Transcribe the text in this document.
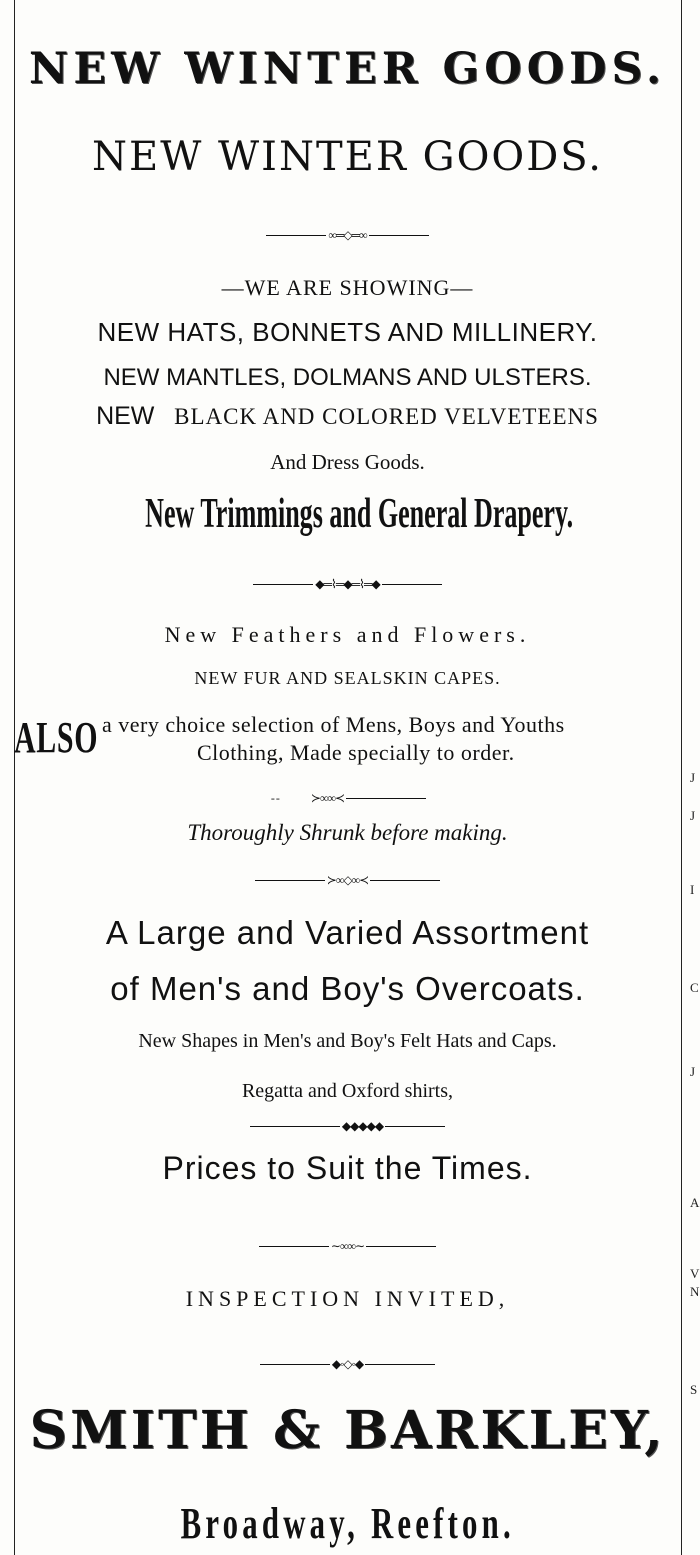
J
J
I
C
J
A
V
N
S
NEW WINTER GOODS.
NEW WINTER GOODS.
∞═◇═∞
—WE ARE SHOWING—
NEW HATS, BONNETS AND MILLINERY.
NEW MANTLES, DOLMANS AND ULSTERS.
NEW BLACK AND COLORED VELVETEENS
And Dress Goods.
New Trimmings and General Drapery.
◆═⌇═◆═⌇═◆
New Feathers and Flowers.
NEW FUR AND SEALSKIN CAPES.
ALSO a very choice selection of Mens, Boys and Youths
Clothing, Made specially to order.
- -	≻∞∞≺
Thoroughly Shrunk before making.
≻∞◇∞≺
A Large and Varied Assortment
of Men's and Boy's Overcoats.
New Shapes in Men's and Boy's Felt Hats and Caps.
Regatta and Oxford shirts,
◆◆◆◆◆
Prices to Suit the Times.
∼∞∞∼
INSPECTION INVITED,
◆◦◇◦◆
SMITH & BARKLEY,
Broadway, Reefton.
